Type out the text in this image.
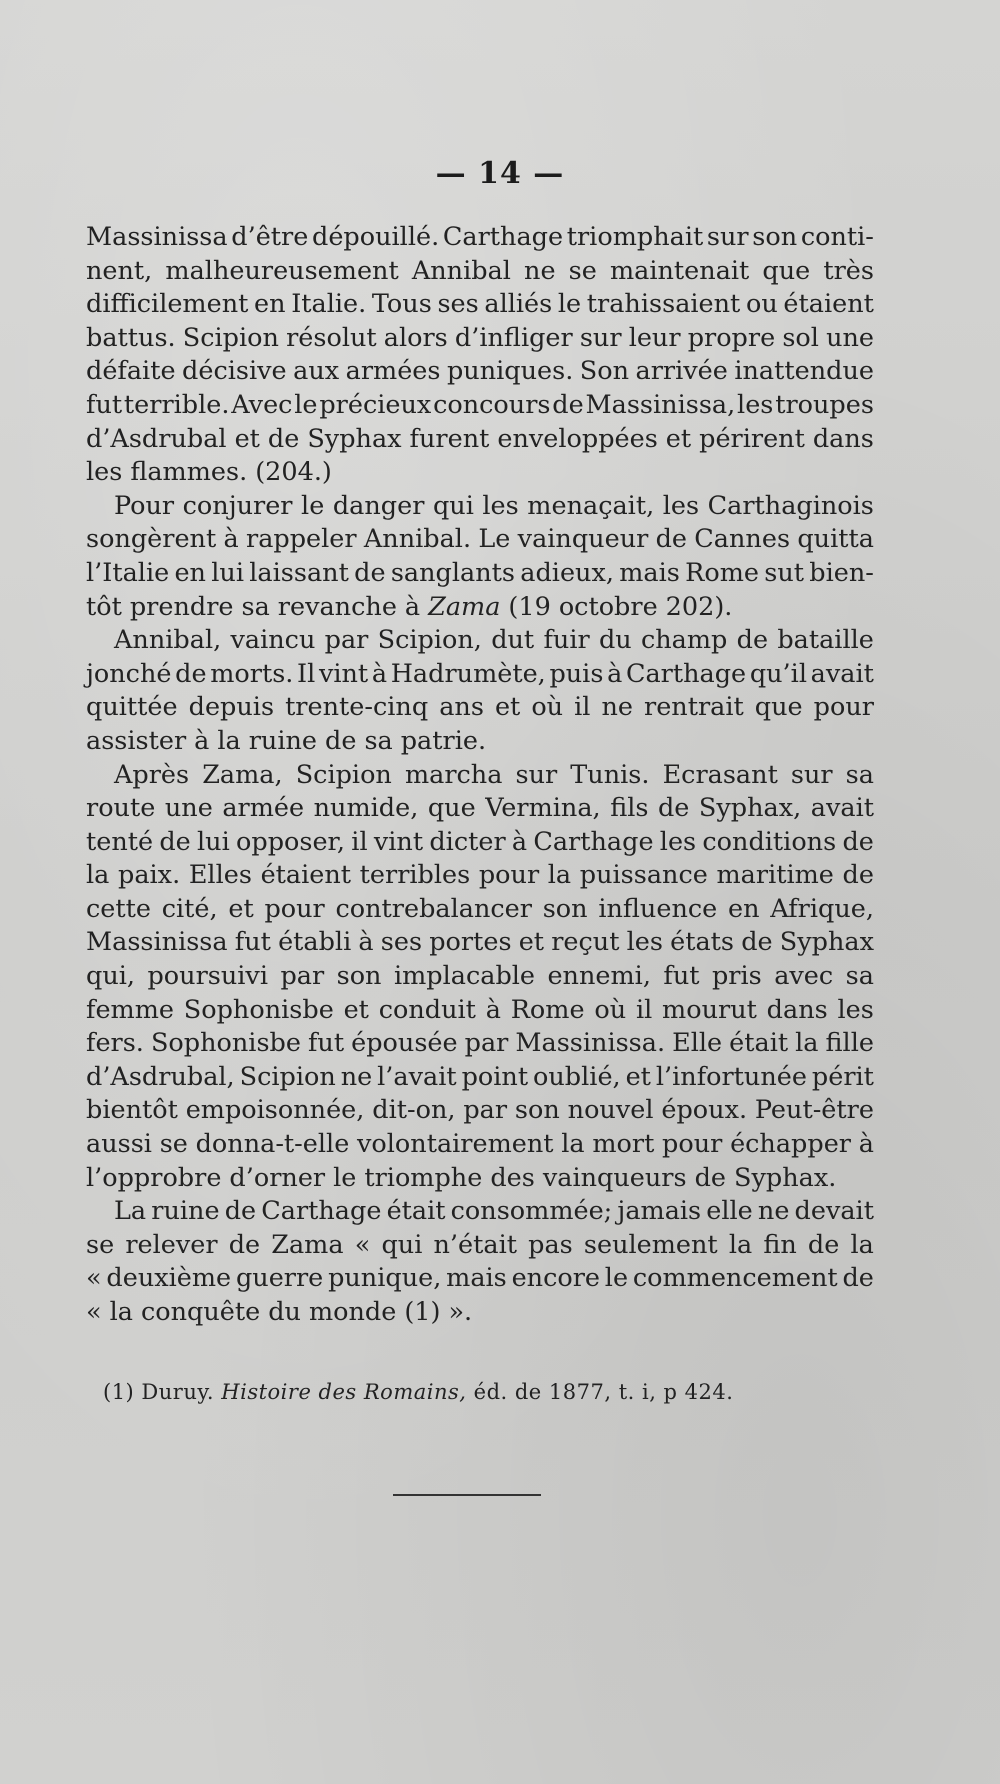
— 14 —
Massinissa d’être dépouillé. Carthage triomphait sur son conti-
nent, malheureusement Annibal ne se maintenait que très
difficilement en Italie. Tous ses alliés le trahissaient ou étaient
battus. Scipion résolut alors d’infliger sur leur propre sol une
défaite décisive aux armées puniques. Son arrivée inattendue
fut terrible. Avec le précieux concours de Massinissa, les troupes
d’Asdrubal et de Syphax furent enveloppées et périrent dans
les flammes. (204.)
Pour conjurer le danger qui les menaçait, les Carthaginois
songèrent à rappeler Annibal. Le vainqueur de Cannes quitta
l’Italie en lui laissant de sanglants adieux, mais Rome sut bien-
tôt prendre sa revanche à Zama (19 octobre 202).
Annibal, vaincu par Scipion, dut fuir du champ de bataille
jonché de morts. Il vint à Hadrumète, puis à Carthage qu’il avait
quittée depuis trente-cinq ans et où il ne rentrait que pour
assister à la ruine de sa patrie.
Après Zama, Scipion marcha sur Tunis. Ecrasant sur sa
route une armée numide, que Vermina, fils de Syphax, avait
tenté de lui opposer, il vint dicter à Carthage les conditions de
la paix. Elles étaient terribles pour la puissance maritime de
cette cité, et pour contrebalancer son influence en Afrique,
Massinissa fut établi à ses portes et reçut les états de Syphax
qui, poursuivi par son implacable ennemi, fut pris avec sa
femme Sophonisbe et conduit à Rome où il mourut dans les
fers. Sophonisbe fut épousée par Massinissa. Elle était la fille
d’Asdrubal, Scipion ne l’avait point oublié, et l’infortunée périt
bientôt empoisonnée, dit-on, par son nouvel époux. Peut-être
aussi se donna-t-elle volontairement la mort pour échapper à
l’opprobre d’orner le triomphe des vainqueurs de Syphax.
La ruine de Carthage était consommée; jamais elle ne devait
se relever de Zama « qui n’était pas seulement la fin de la
« deuxième guerre punique, mais encore le commencement de
« la conquête du monde (1) ».
(1) Duruy. Histoire des Romains, éd. de 1877, t. i, p 424.
